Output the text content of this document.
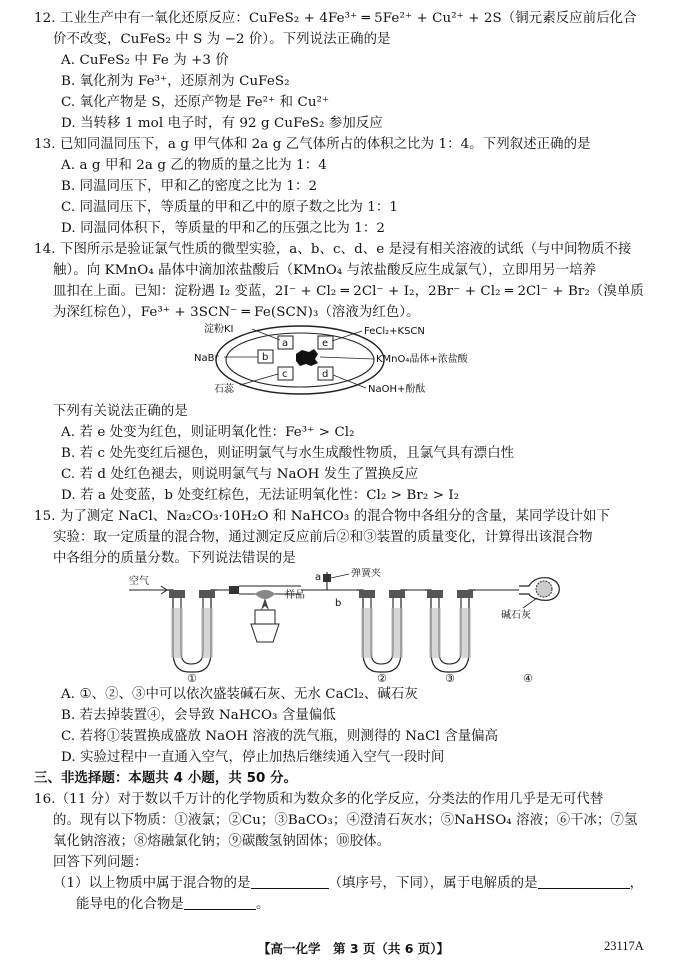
12. 工业生产中有一氧化还原反应：CuFeS₂ + 4Fe³⁺ ═ 5Fe²⁺ + Cu²⁺ + 2S（铜元素反应前后化合
价不改变，CuFeS₂ 中 S 为 −2 价）。下列说法正确的是
A. CuFeS₂ 中 Fe 为 +3 价
B. 氧化剂为 Fe³⁺，还原剂为 CuFeS₂
C. 氧化产物是 S，还原产物是 Fe²⁺ 和 Cu²⁺
D. 当转移 1 mol 电子时，有 92 g CuFeS₂ 参加反应
13. 已知同温同压下，a g 甲气体和 2a g 乙气体所占的体积之比为 1：4。下列叙述正确的是
A. a g 甲和 2a g 乙的物质的量之比为 1：4
B. 同温同压下，甲和乙的密度之比为 1：2
C. 同温同压下，等质量的甲和乙中的原子数之比为 1：1
D. 同温同体积下，等质量的甲和乙的压强之比为 1：2
14. 下图所示是验证氯气性质的微型实验，a、b、c、d、e 是浸有相关溶液的试纸（与中间物质不接
触）。向 KMnO₄ 晶体中滴加浓盐酸后（KMnO₄ 与浓盐酸反应生成氯气），立即用另一培养
皿扣在上面。已知：淀粉遇 I₂ 变蓝，2I⁻ + Cl₂ ═ 2Cl⁻ + I₂，2Br⁻ + Cl₂ ═ 2Cl⁻ + Br₂（溴单质
为深红棕色），Fe³⁺ + 3SCN⁻ ═ Fe(SCN)₃（溶液为红色）。
a
b
c	d
e
淀粉KI	FeCl₂+KSCN
NaBr	KMnO₄晶体+浓盐酸
石蕊	NaOH+酚酞
下列有关说法正确的是
A. 若 e 处变为红色，则证明氧化性：Fe³⁺ > Cl₂
B. 若 c 处先变红后褪色，则证明氯气与水生成酸性物质，且氯气具有漂白性
C. 若 d 处红色褪去，则说明氯气与 NaOH 发生了置换反应
D. 若 a 处变蓝，b 处变红棕色，无法证明氧化性：Cl₂ > Br₂ > I₂
15. 为了测定 NaCl、Na₂CO₃·10H₂O 和 NaHCO₃ 的混合物中各组分的含量，某同学设计如下
实验：取一定质量的混合物，通过测定反应前后②和③装置的质量变化，计算得出该混合物
中各组分的质量分数。下列说法错误的是
空气
①
样品
a
b
弹簧夹
②	③
碱石灰
④
A. ①、②、③中可以依次盛装碱石灰、无水 CaCl₂、碱石灰
B. 若去掉装置④，会导致 NaHCO₃ 含量偏低
C. 若将①装置换成盛放 NaOH 溶液的洗气瓶，则测得的 NaCl 含量偏高
D. 实验过程中一直通入空气，停止加热后继续通入空气一段时间
三、非选择题：本题共 4 小题，共 50 分。
16.（11 分）对于数以千万计的化学物质和为数众多的化学反应，分类法的作用几乎是无可代替
的。现有以下物质：①液氯；②Cu；③BaCO₃；④澄清石灰水；⑤NaHSO₄ 溶液；⑥干冰；⑦氢
氧化钠溶液；⑧熔融氯化钠；⑨碳酸氢钠固体；⑩胶体。
回答下列问题：
（1）以上物质中属于混合物的是	（填序号，下同），属于电解质的是	，
能导电的化合物是	。
【高一化学　第 3 页（共 6 页）】	23117A
